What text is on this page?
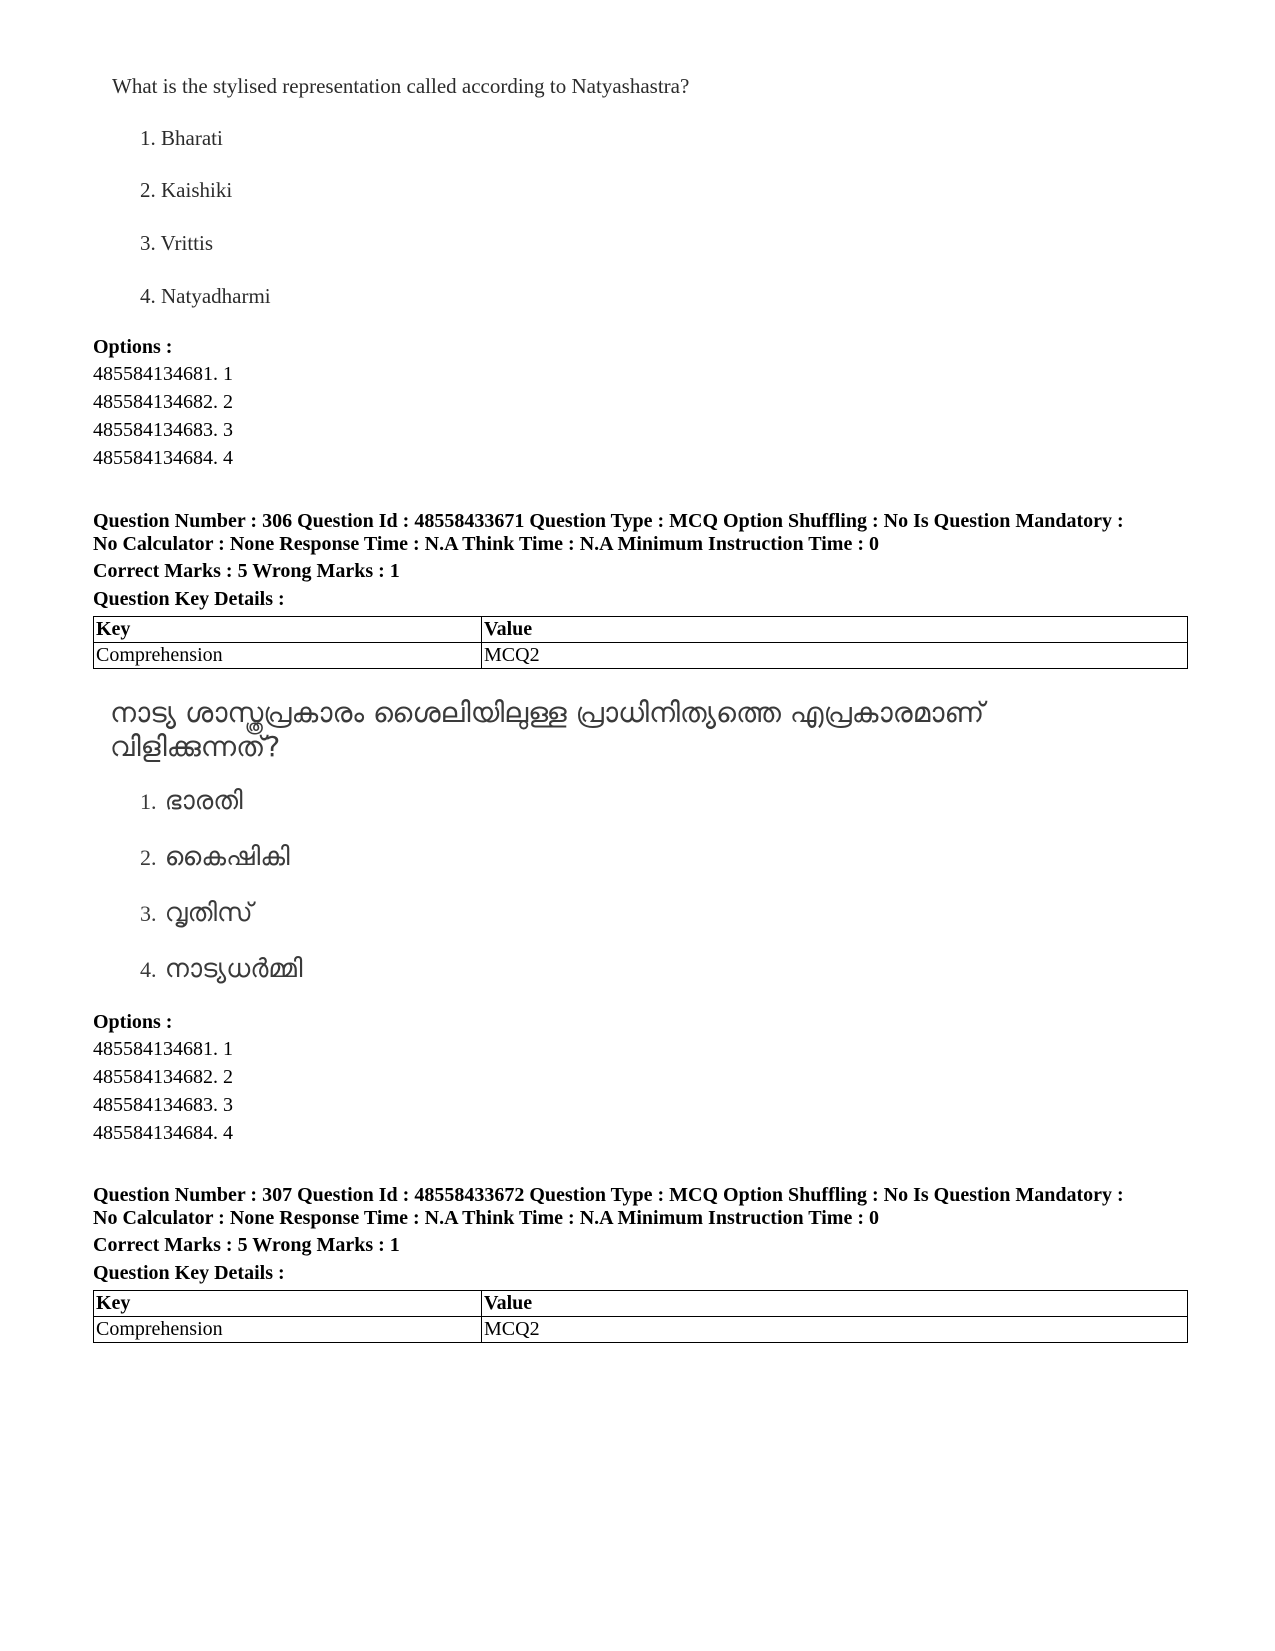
What is the stylised representation called according to Natyashastra?
1. Bharati
2. Kaishiki
3. Vrittis
4. Natyadharmi
Options :
485584134681. 1
485584134682. 2
485584134683. 3
485584134684. 4
Question Number : 306 Question Id : 48558433671 Question Type : MCQ Option Shuffling : No Is Question Mandatory :
No Calculator : None Response Time : N.A Think Time : N.A Minimum Instruction Time : 0
Correct Marks : 5 Wrong Marks : 1
Question Key Details :
Key	Value
Comprehension	MCQ2
നാട്യ ശാസ്ത്രപ്രകാരം ശൈലിയിലുള്ള പ്രാധിനിത്യത്തെ എപ്രകാരമാണ് വിളിക്കുന്നത്?
1. ഭാരതി
2. കൈഷികി
3. വൃതിസ്
4. നാട്യധർമ്മി
Options :
485584134681. 1
485584134682. 2
485584134683. 3
485584134684. 4
Question Number : 307 Question Id : 48558433672 Question Type : MCQ Option Shuffling : No Is Question Mandatory :
No Calculator : None Response Time : N.A Think Time : N.A Minimum Instruction Time : 0
Correct Marks : 5 Wrong Marks : 1
Question Key Details :
Key	Value
Comprehension	MCQ2
